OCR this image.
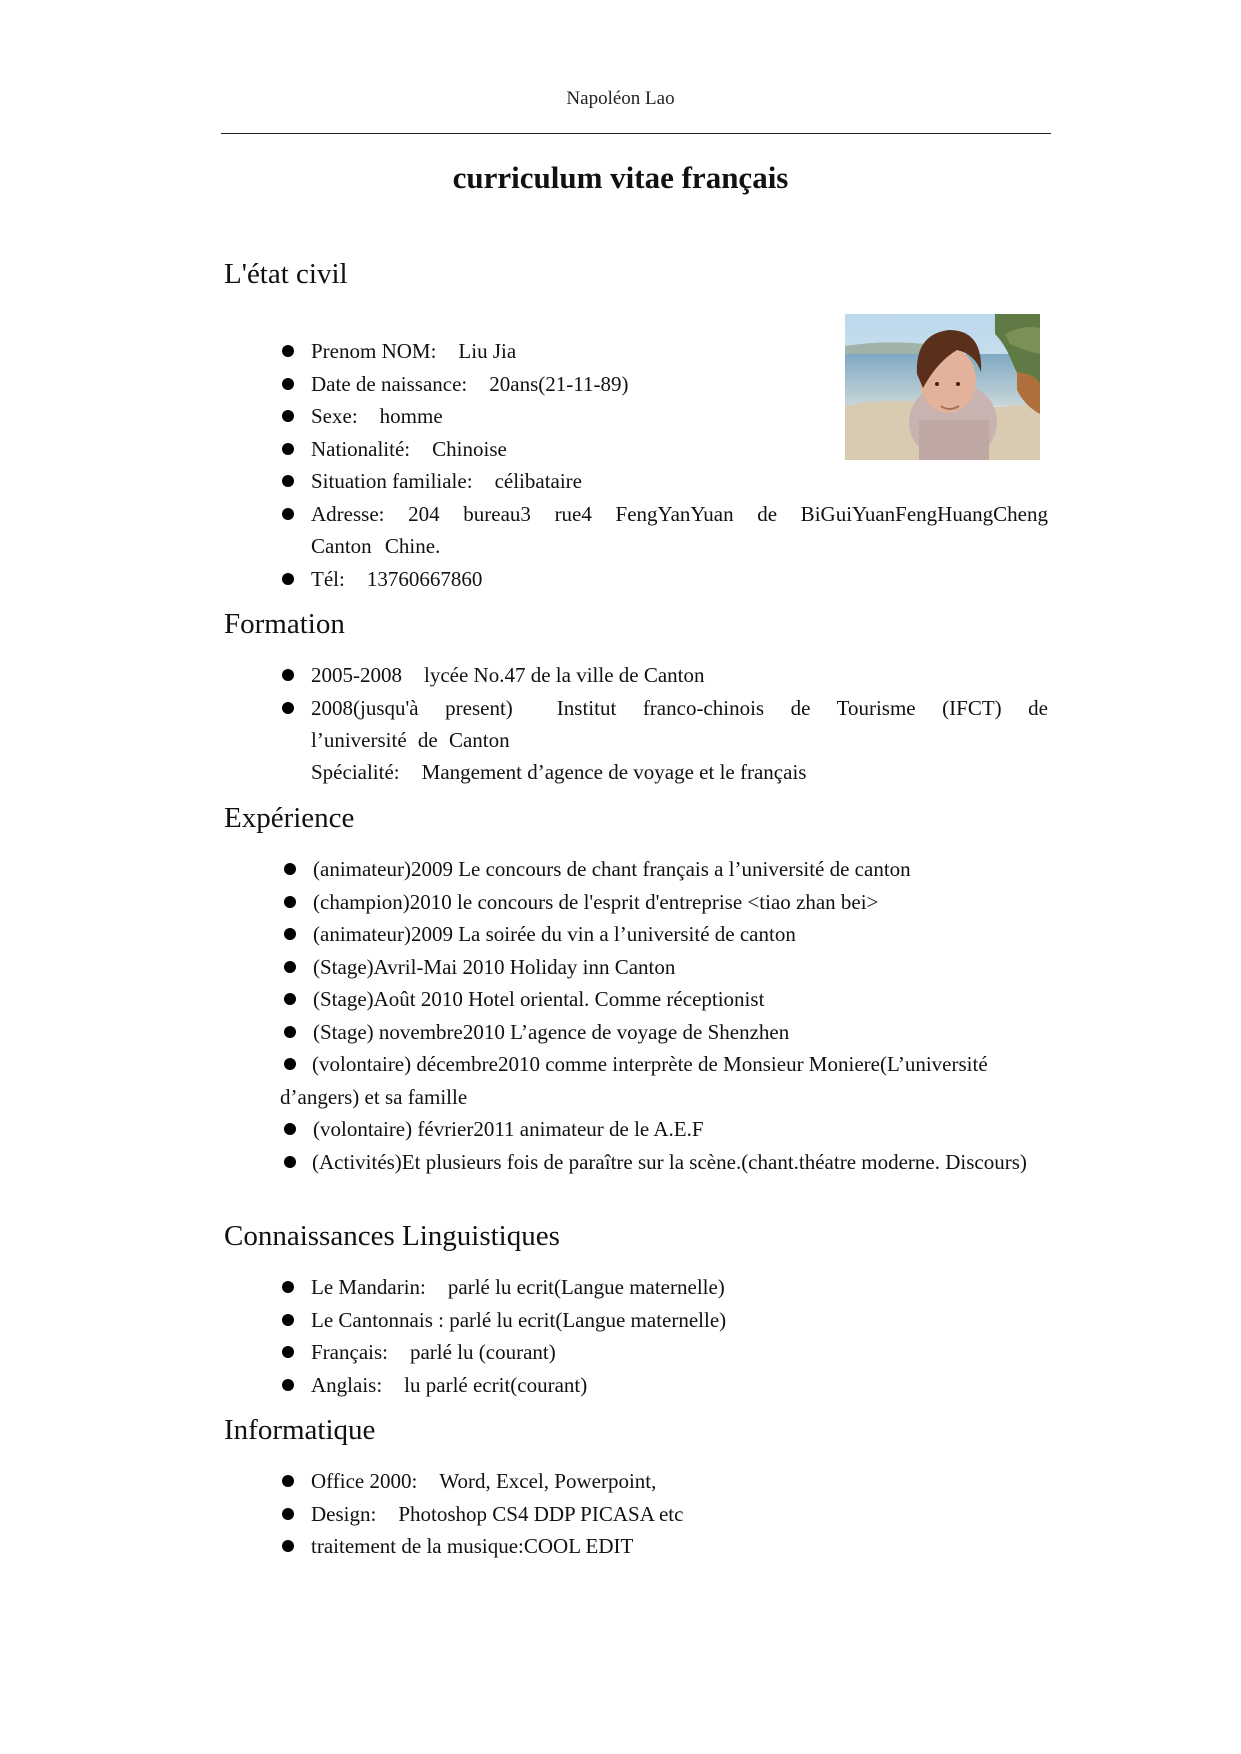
Napoléon Lao
curriculum vitae français
L'état civil
Prenom NOM: Liu Jia
Date de naissance: 20ans(21-11-89)
Sexe: homme
Nationalité: Chinoise
Situation familiale: célibataire
Adresse: 204 bureau3 rue4 FengYanYuan de BiGuiYuanFengHuangCheng Canton Chine.
Tél: 13760667860
Formation
2005-2008 lycée No.47 de la ville de Canton
2008(jusqu'à present) Institut franco-chinois de Tourisme (IFCT) de l’université de Canton
Spécialité: Mangement d’agence de voyage et le français
Expérience
(animateur)2009 Le concours de chant français a l’université de canton
(champion)2010 le concours de l'esprit d'entreprise <tiao zhan bei>
(animateur)2009 La soirée du vin a l’université de canton
(Stage)Avril-Mai 2010 Holiday inn Canton
(Stage)Août 2010 Hotel oriental. Comme réceptionist
(Stage) novembre2010 L’agence de voyage de Shenzhen
(volontaire) décembre2010 comme interprète de Monsieur Moniere(L’université d’angers) et sa famille
(volontaire) février2011 animateur de le A.E.F
(Activités)Et plusieurs fois de paraître sur la scène.(chant.théatre moderne. Discours)
Connaissances Linguistiques
Le Mandarin: parlé lu ecrit(Langue maternelle)
Le Cantonnais : parlé lu ecrit(Langue maternelle)
Français: parlé lu (courant)
Anglais: lu parlé ecrit(courant)
Informatique
Office 2000: Word, Excel, Powerpoint,
Design: Photoshop CS4 DDP PICASA etc
traitement de la musique:COOL EDIT
